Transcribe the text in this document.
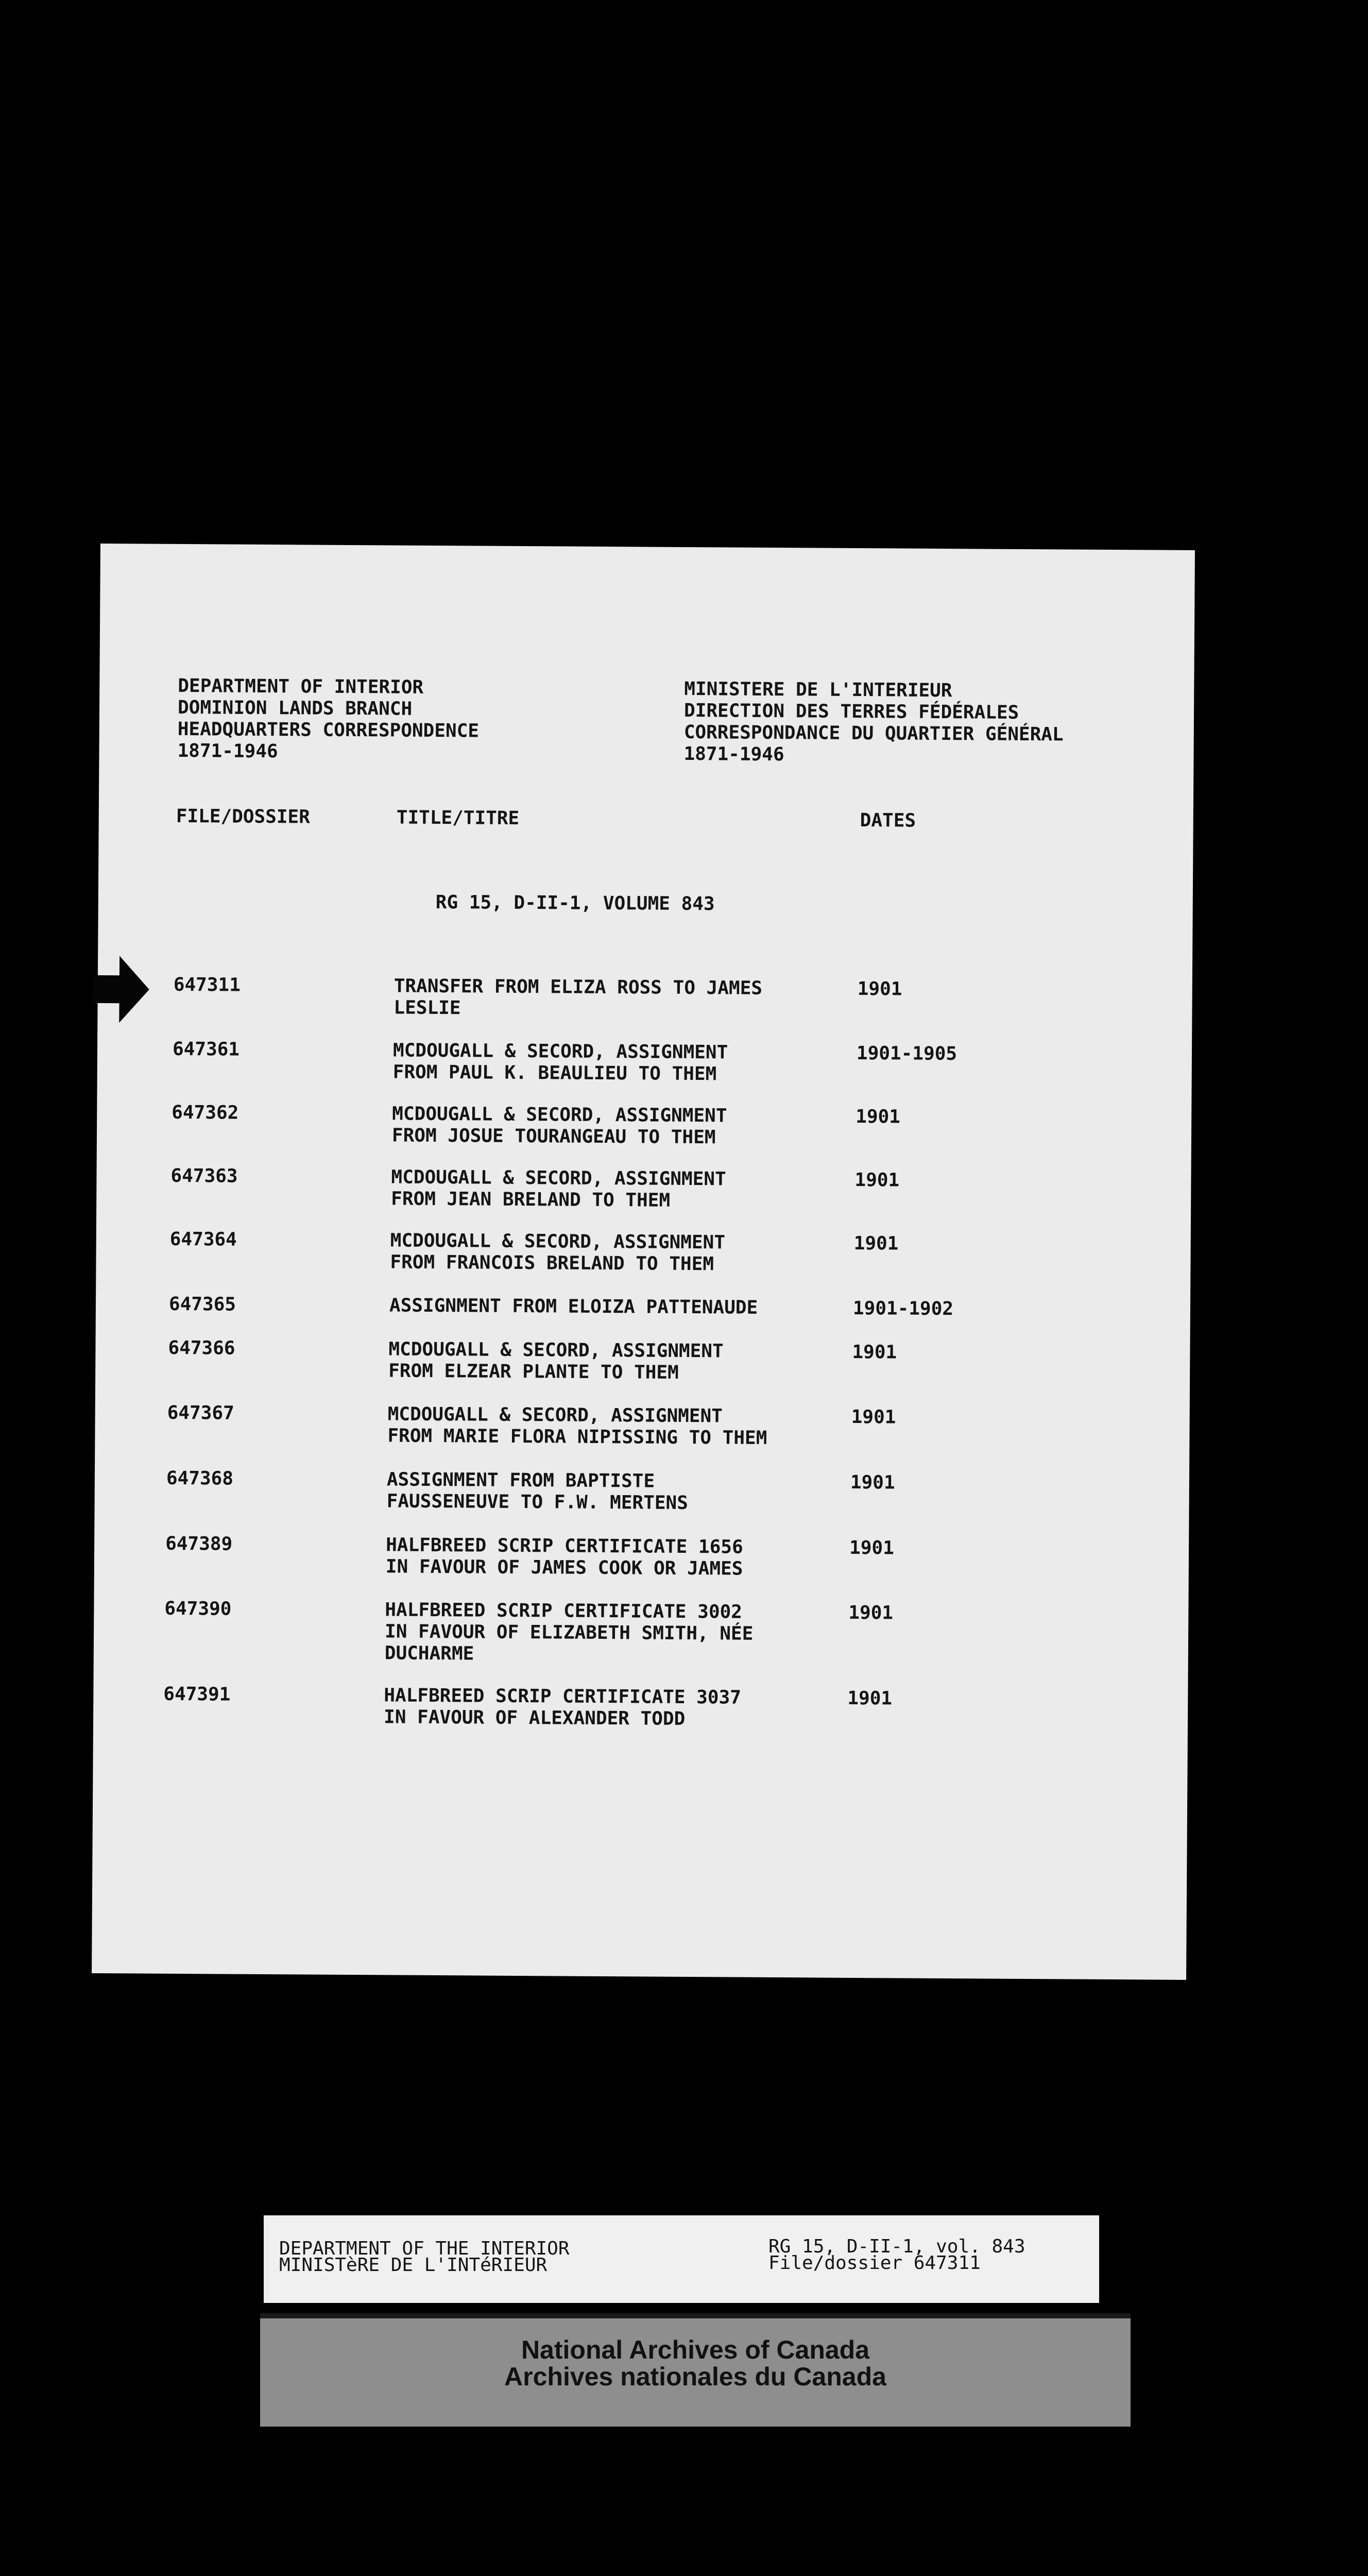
DEPARTMENT OF INTERIOR
DOMINION LANDS BRANCH
HEADQUARTERS CORRESPONDENCE
1871-1946
MINISTERE DE L'INTERIEUR
DIRECTION DES TERRES FÉDÉRALES
CORRESPONDANCE DU QUARTIER GÉNÉRAL
1871-1946
FILE/DOSSIER	TITLE/TITRE	DATES
RG 15, D-II-1, VOLUME 843
647311	TRANSFER FROM ELIZA ROSS TO JAMES
LESLIE
1901
647361	MCDOUGALL & SECORD, ASSIGNMENT
FROM PAUL K. BEAULIEU TO THEM
1901-1905
647362	MCDOUGALL & SECORD, ASSIGNMENT
FROM JOSUE TOURANGEAU TO THEM
1901
647363	MCDOUGALL & SECORD, ASSIGNMENT
FROM JEAN BRELAND TO THEM
1901
647364	MCDOUGALL & SECORD, ASSIGNMENT
FROM FRANCOIS BRELAND TO THEM
1901
647365	ASSIGNMENT FROM ELOIZA PATTENAUDE	1901-1902
647366	MCDOUGALL & SECORD, ASSIGNMENT
FROM ELZEAR PLANTE TO THEM
1901
647367	MCDOUGALL & SECORD, ASSIGNMENT
FROM MARIE FLORA NIPISSING TO THEM
1901
647368	ASSIGNMENT FROM BAPTISTE
FAUSSENEUVE TO F.W. MERTENS
1901
647389	HALFBREED SCRIP CERTIFICATE 1656
IN FAVOUR OF JAMES COOK OR JAMES
1901
647390	HALFBREED SCRIP CERTIFICATE 3002
IN FAVOUR OF ELIZABETH SMITH, NÉE
DUCHARME
1901
647391	HALFBREED SCRIP CERTIFICATE 3037
IN FAVOUR OF ALEXANDER TODD
1901
DEPARTMENT OF THE INTERIOR
MINISTèRE DE L'INTéRIEUR
RG 15, D-II-1, vol. 843
File/dossier 647311
National Archives of Canada
Archives nationales du Canada
